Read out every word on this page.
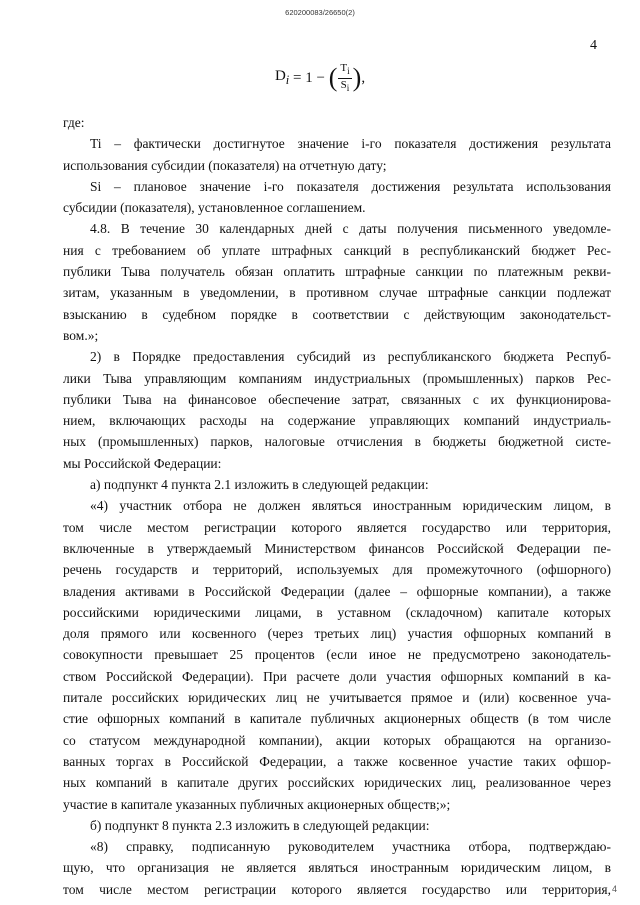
620200083/26650(2)
4
$D_i = 1$ − ( $\frac{T_i}{S_i}$ ) ,

где:

Ti – фактически достигнутое значение i-го показателя достижения результата

использования субсидии (показателя) на отчетную дату;

Si – плановое значение i-го показателя достижения результата использования

субсидии (показателя), установленное соглашением.

4.8. В течение 30 календарных дней с даты получения письменного уведомле-

ния с требованием об уплате штрафных санкций в республиканский бюджет Рес-

публики Тыва получатель обязан оплатить штрафные санкции по платежным рекви-

зитам, указанным в уведомлении, в противном случае штрафные санкции подлежат

взысканию в судебном порядке в соответствии с действующим законодательст-

вом.»;

2) в Порядке предоставления субсидий из республиканского бюджета Респуб-

лики Тыва управляющим компаниям индустриальных (промышленных) парков Рес-

публики Тыва на финансовое обеспечение затрат, связанных с их функционирова-

нием, включающих расходы на содержание управляющих компаний индустриаль-

ных (промышленных) парков, налоговые отчисления в бюджеты бюджетной систе-

мы Российской Федерации:

а) подпункт 4 пункта 2.1 изложить в следующей редакции:

«4) участник отбора не должен являться иностранным юридическим лицом, в

том числе местом регистрации которого является государство или территория,

включенные в утверждаемый Министерством финансов Российской Федерации пе-

речень государств и территорий, используемых для промежуточного (офшорного)

владения активами в Российской Федерации (далее – офшорные компании), а также

российскими юридическими лицами, в уставном (складочном) капитале которых

доля прямого или косвенного (через третьих лиц) участия офшорных компаний в

совокупности превышает 25 процентов (если иное не предусмотрено законодатель-

ством Российской Федерации). При расчете доли участия офшорных компаний в ка-

питале российских юридических лиц не учитывается прямое и (или) косвенное уча-

стие офшорных компаний в капитале публичных акционерных обществ (в том числе

со статусом международной компании), акции которых обращаются на организо-

ванных торгах в Российской Федерации, а также косвенное участие таких офшор-

ных компаний в капитале других российских юридических лиц, реализованное через

участие в капитале указанных публичных акционерных обществ;»;

б) подпункт 8 пункта 2.3 изложить в следующей редакции:

«8) справку, подписанную руководителем участника отбора, подтверждаю-

щую, что организация не является являться иностранным юридическим лицом, в

том числе местом регистрации которого является государство или территория, 4
